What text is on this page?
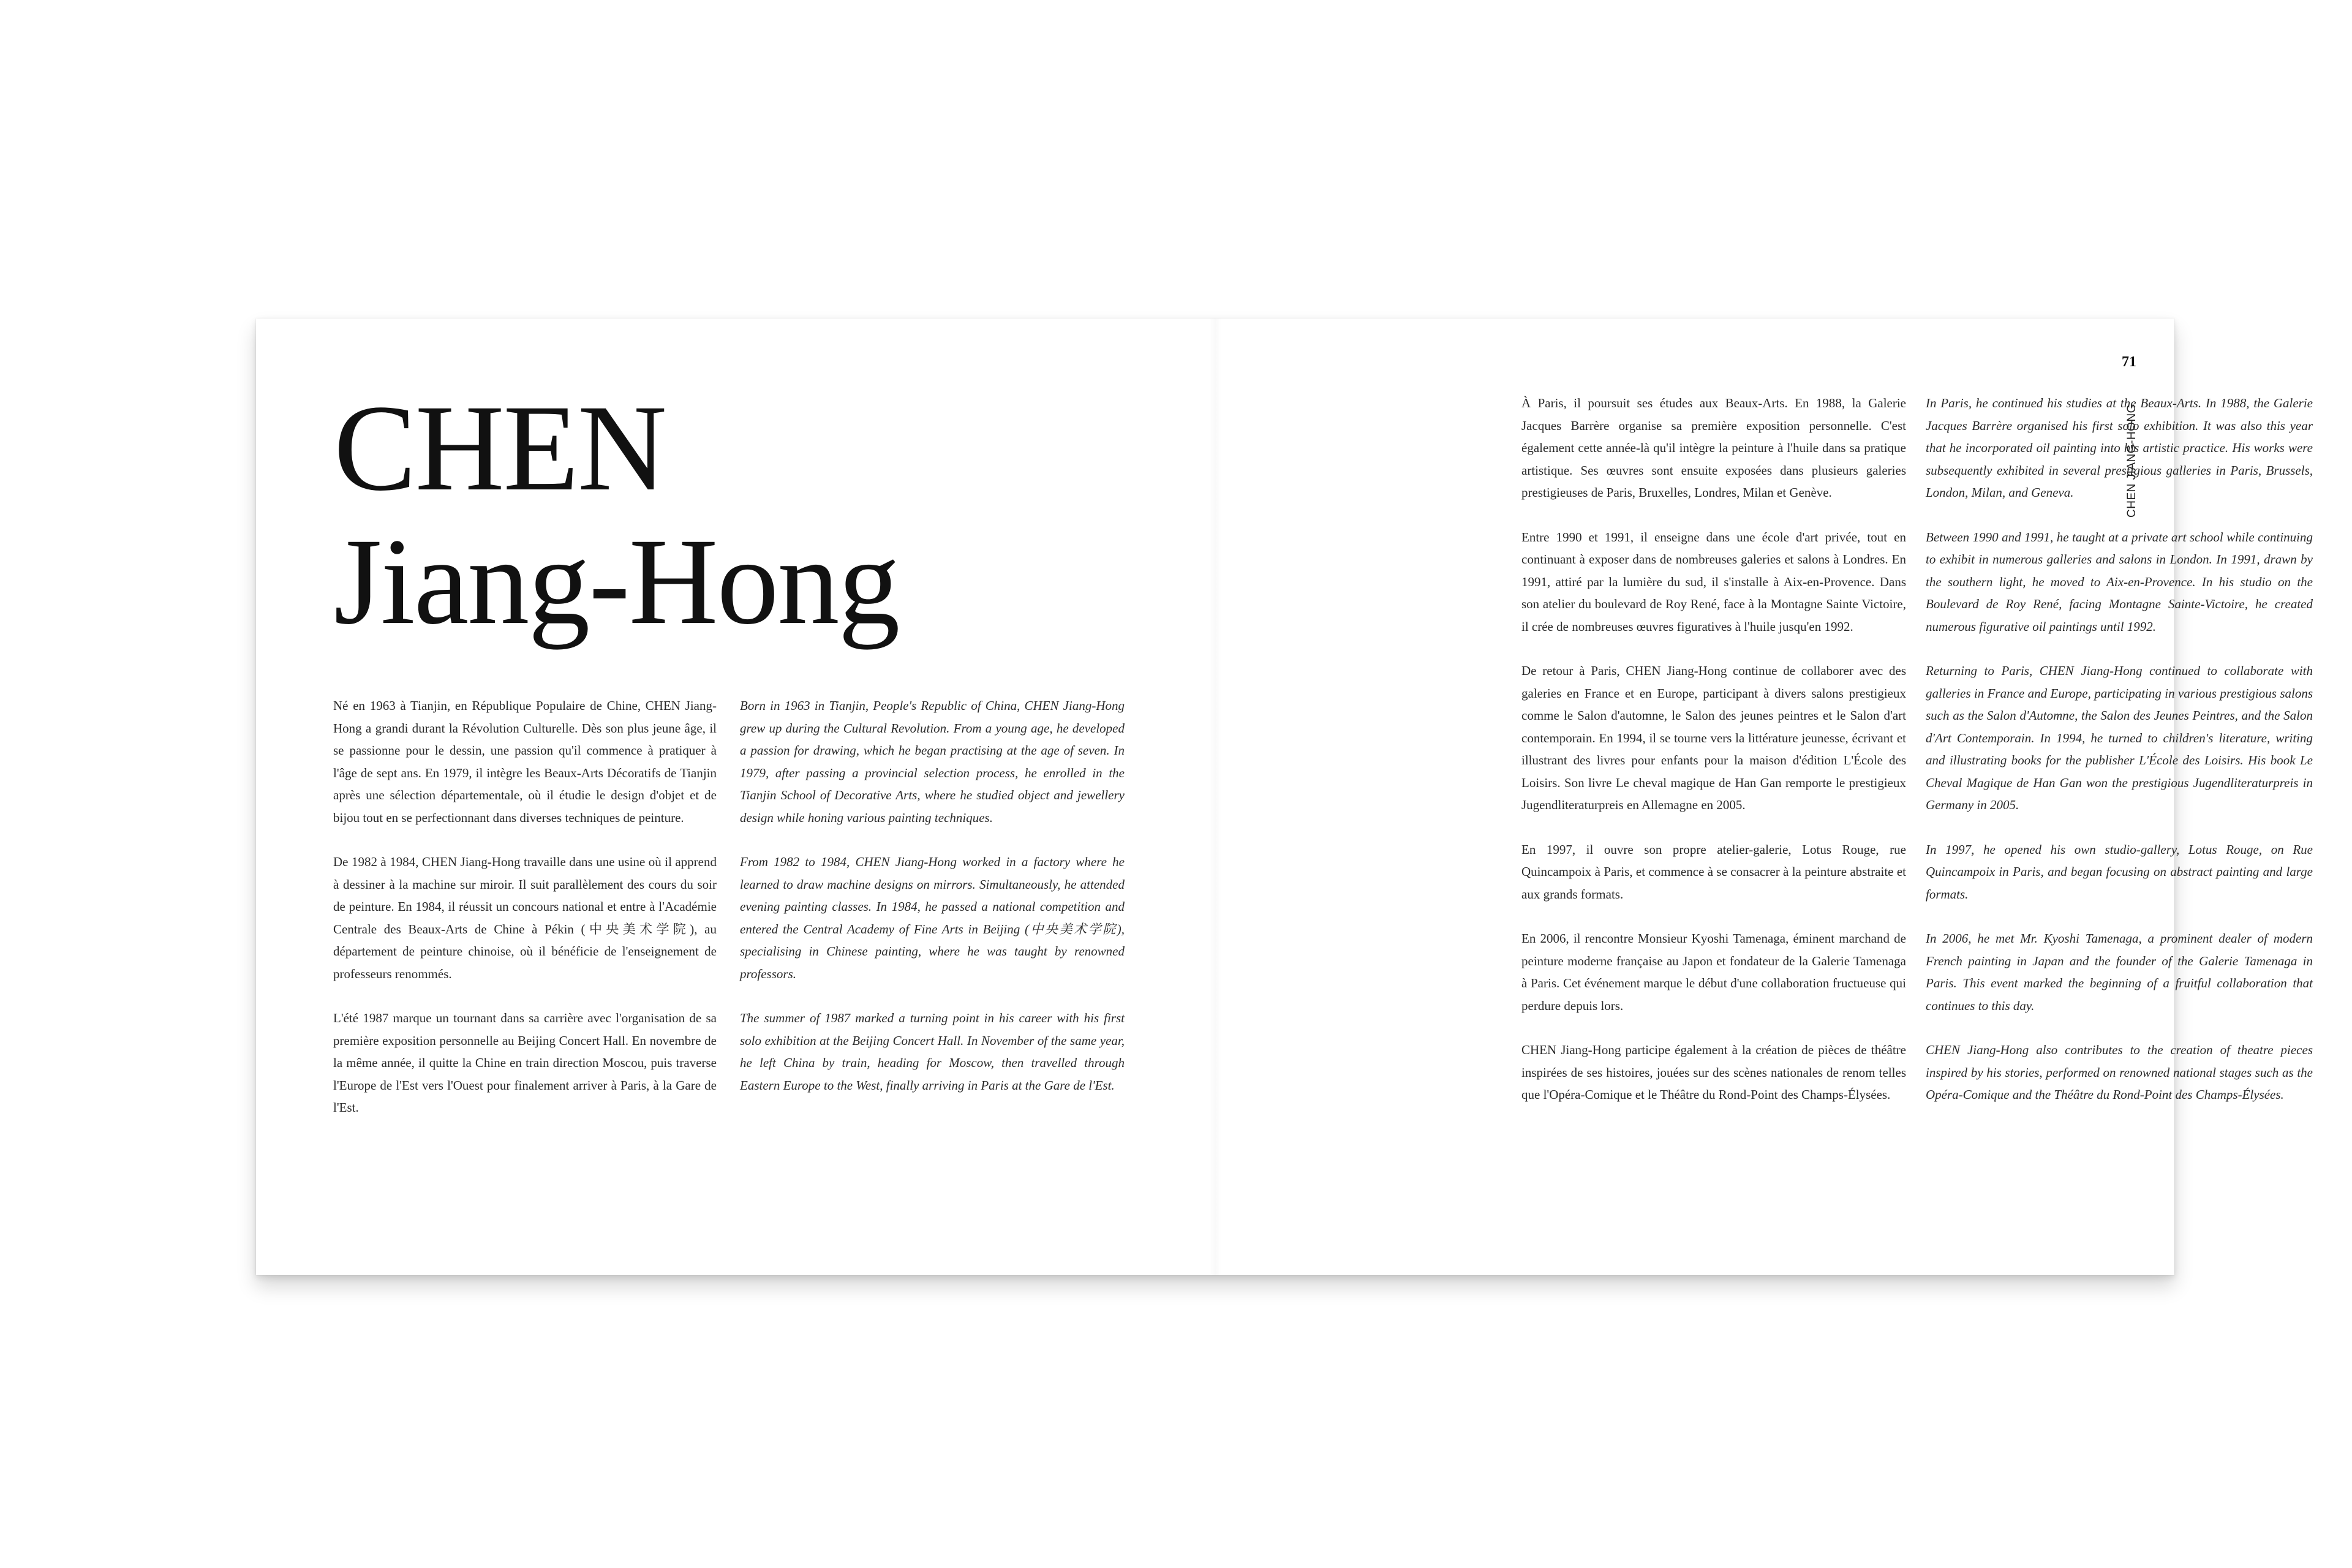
CHEN
Jiang-Hong

Né en 1963 à Tianjin, en République Populaire de Chine, CHEN Jiang-Hong a grandi durant la Révolution Culturelle. Dès son plus jeune âge, il se passionne pour le dessin, une passion qu'il commence à pratiquer à l'âge de sept ans. En 1979, il intègre les Beaux-Arts Décoratifs de Tianjin après une sélection départementale, où il étudie le design d'objet et de bijou tout en se perfectionnant dans diverses techniques de peinture.

De 1982 à 1984, CHEN Jiang-Hong travaille dans une usine où il apprend à dessiner à la machine sur miroir. Il suit parallèlement des cours du soir de peinture. En 1984, il réussit un concours national et entre à l'Académie Centrale des Beaux-Arts de Chine à Pékin (中央美术学院), au département de peinture chinoise, où il bénéficie de l'enseignement de professeurs renommés.

L'été 1987 marque un tournant dans sa carrière avec l'organisation de sa première exposition personnelle au Beijing Concert Hall. En novembre de la même année, il quitte la Chine en train direction Moscou, puis traverse l'Europe de l'Est vers l'Ouest pour finalement arriver à Paris, à la Gare de l'Est.

Born in 1963 in Tianjin, People's Republic of China, CHEN Jiang-Hong grew up during the Cultural Revolution. From a young age, he developed a passion for drawing, which he began practising at the age of seven. In 1979, after passing a provincial selection process, he enrolled in the Tianjin School of Decorative Arts, where he studied object and jewellery design while honing various painting techniques.

From 1982 to 1984, CHEN Jiang-Hong worked in a factory where he learned to draw machine designs on mirrors. Simultaneously, he attended evening painting classes. In 1984, he passed a national competition and entered the Central Academy of Fine Arts in Beijing (中央美术学院), specialising in Chinese painting, where he was taught by renowned professors.

The summer of 1987 marked a turning point in his career with his first solo exhibition at the Beijing Concert Hall. In November of the same year, he left China by train, heading for Moscow, then travelled through Eastern Europe to the West, finally arriving in Paris at the Gare de l'Est.

71
CHEN JIANG-HONG

À Paris, il poursuit ses études aux Beaux-Arts. En 1988, la Galerie Jacques Barrère organise sa première exposition personnelle. C'est également cette année-là qu'il intègre la peinture à l'huile dans sa pratique artistique. Ses œuvres sont ensuite exposées dans plusieurs galeries prestigieuses de Paris, Bruxelles, Londres, Milan et Genève.

Entre 1990 et 1991, il enseigne dans une école d'art privée, tout en continuant à exposer dans de nombreuses galeries et salons à Londres. En 1991, attiré par la lumière du sud, il s'installe à Aix-en-Provence. Dans son atelier du boulevard de Roy René, face à la Montagne Sainte Victoire, il crée de nombreuses œuvres figuratives à l'huile jusqu'en 1992.

De retour à Paris, CHEN Jiang-Hong continue de collaborer avec des galeries en France et en Europe, participant à divers salons prestigieux comme le Salon d'automne, le Salon des jeunes peintres et le Salon d'art contemporain. En 1994, il se tourne vers la littérature jeunesse, écrivant et illustrant des livres pour enfants pour la maison d'édition L'École des Loisirs. Son livre Le cheval magique de Han Gan remporte le prestigieux Jugendliteraturpreis en Allemagne en 2005.

En 1997, il ouvre son propre atelier-galerie, Lotus Rouge, rue Quincampoix à Paris, et commence à se consacrer à la peinture abstraite et aux grands formats.

En 2006, il rencontre Monsieur Kyoshi Tamenaga, éminent marchand de peinture moderne française au Japon et fondateur de la Galerie Tamenaga à Paris. Cet événement marque le début d'une collaboration fructueuse qui perdure depuis lors.

CHEN Jiang-Hong participe également à la création de pièces de théâtre inspirées de ses histoires, jouées sur des scènes nationales de renom telles que l'Opéra-Comique et le Théâtre du Rond-Point des Champs-Élysées.

In Paris, he continued his studies at the Beaux-Arts. In 1988, the Galerie Jacques Barrère organised his first solo exhibition. It was also this year that he incorporated oil painting into his artistic practice. His works were subsequently exhibited in several prestigious galleries in Paris, Brussels, London, Milan, and Geneva.

Between 1990 and 1991, he taught at a private art school while continuing to exhibit in numerous galleries and salons in London. In 1991, drawn by the southern light, he moved to Aix-en-Provence. In his studio on the Boulevard de Roy René, facing Montagne Sainte-Victoire, he created numerous figurative oil paintings until 1992.

Returning to Paris, CHEN Jiang-Hong continued to collaborate with galleries in France and Europe, participating in various prestigious salons such as the Salon d'Automne, the Salon des Jeunes Peintres, and the Salon d'Art Contemporain. In 1994, he turned to children's literature, writing and illustrating books for the publisher L'École des Loisirs. His book Le Cheval Magique de Han Gan won the prestigious Jugendliteraturpreis in Germany in 2005.

In 1997, he opened his own studio-gallery, Lotus Rouge, on Rue Quincampoix in Paris, and began focusing on abstract painting and large formats.

In 2006, he met Mr. Kyoshi Tamenaga, a prominent dealer of modern French painting in Japan and the founder of the Galerie Tamenaga in Paris. This event marked the beginning of a fruitful collaboration that continues to this day.

CHEN Jiang-Hong also contributes to the creation of theatre pieces inspired by his stories, performed on renowned national stages such as the Opéra-Comique and the Théâtre du Rond-Point des Champs-Élysées.
